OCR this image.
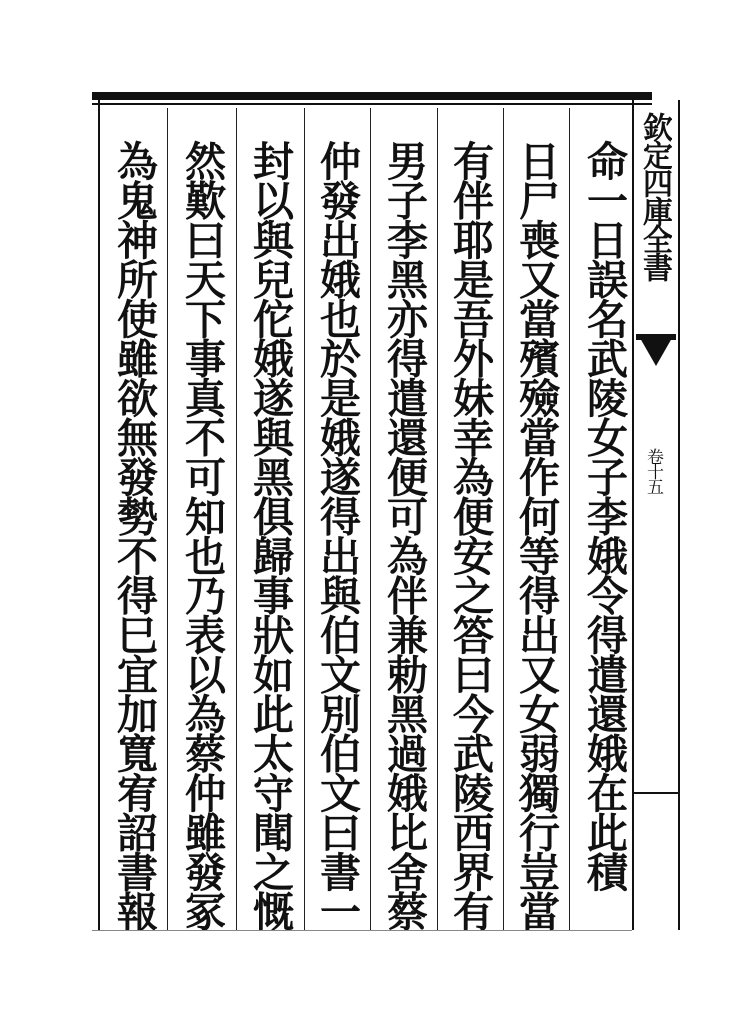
欽定四庫全書
卷十五
命一日誤名武陵女子李娥令得遣還娥在此積
日尸喪又當殯殮當作何等得出又女弱獨行豈當
有伴耶是吾外妹幸為便安之答曰今武陵西界有
男子李黑亦得遣還便可為伴兼勅黑過娥比舍蔡
仲發出娥也於是娥遂得出與伯文別伯文曰書一
封以與兒佗娥遂與黑俱歸事狀如此太守聞之慨
然歎曰天下事真不可知也乃表以為蔡仲雖發冢
為鬼神所使雖欲無發勢不得巳宜加寬宥詔書報
